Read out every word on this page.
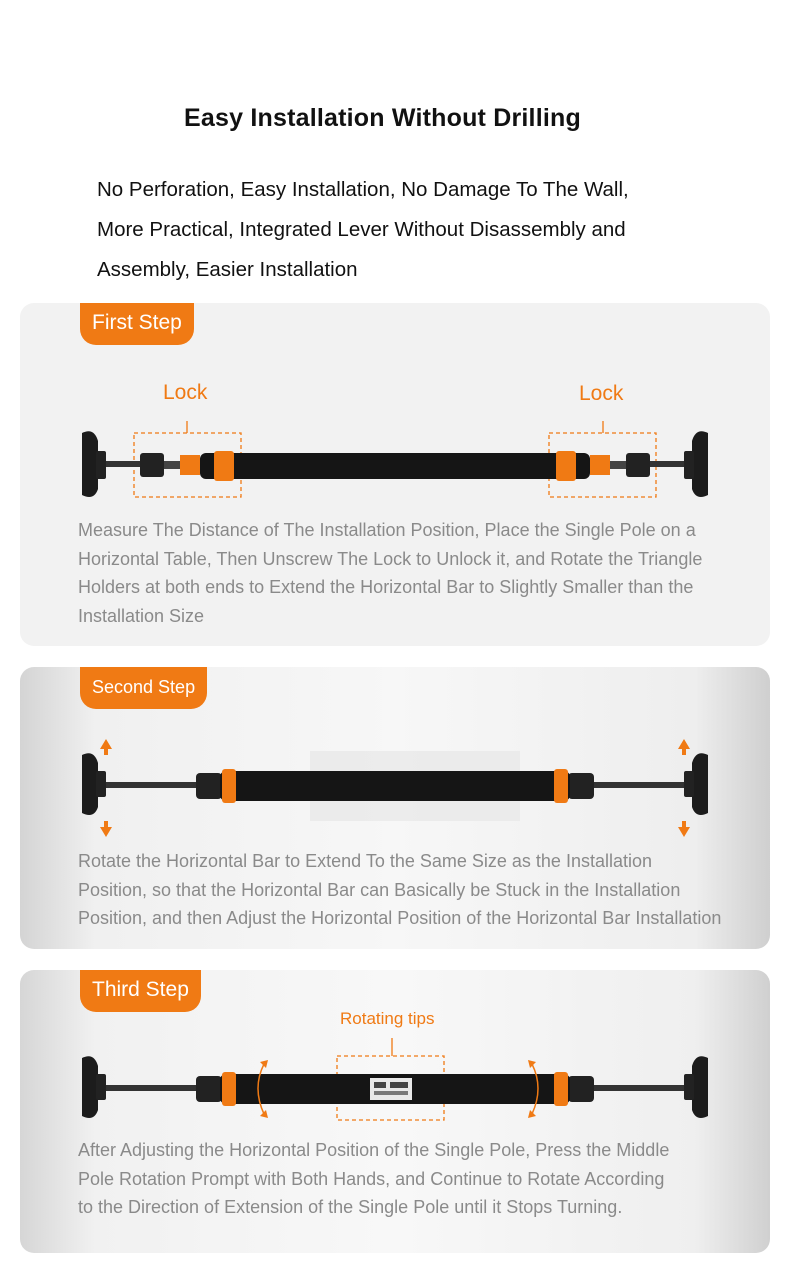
Easy Installation Without Drilling
No Perforation, Easy Installation, No Damage To The Wall,
More Practical, Integrated Lever Without Disassembly and
Assembly, Easier Installation
First Step
Lock	Lock
Measure The Distance of The Installation Position, Place the Single Pole on a
Horizontal Table, Then Unscrew The Lock to Unlock it, and Rotate the Triangle
Holders at both ends to Extend the Horizontal Bar to Slightly Smaller than the
Installation Size
Second Step
Rotate the Horizontal Bar to Extend To the Same Size as the Installation
Position, so that the Horizontal Bar can Basically be Stuck in the Installation
Position, and then Adjust the Horizontal Position of the Horizontal Bar Installation
Third Step
Rotating tips
After Adjusting the Horizontal Position of the Single Pole, Press the Middle
Pole Rotation Prompt with Both Hands, and Continue to Rotate According
to the Direction of Extension of the Single Pole until it Stops Turning.
